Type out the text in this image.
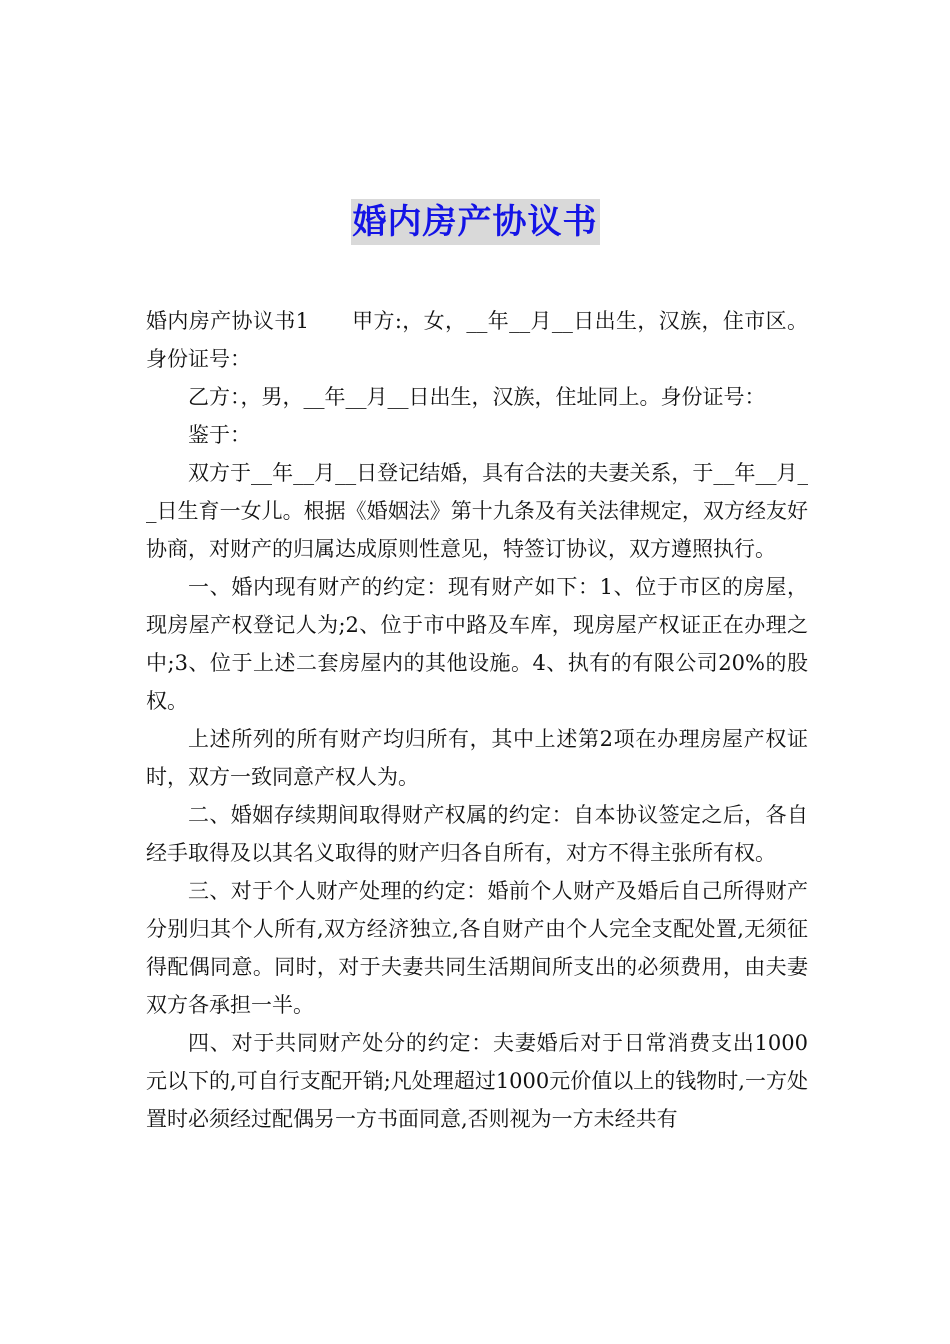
婚内房产协议书

婚内房产协议书1　　甲方:，女，__年__月__日出生，汉族，住市区。身份证号：

乙方：，男，__年__月__日出生，汉族，住址同上。身份证号：

鉴于：

双方于__年__月__日登记结婚，具有合法的夫妻关系，于__年__月__日生育一女儿。根据《婚姻法》第十九条及有关法律规定，双方经友好协商，对财产的归属达成原则性意见，特签订协议，双方遵照执行。

一、婚内现有财产的约定：现有财产如下：1、位于市区的房屋，现房屋产权登记人为;2、位于市中路及车库，现房屋产权证正在办理之中;3、位于上述二套房屋内的其他设施。4、执有的有限公司20%的股权。

上述所列的所有财产均归所有，其中上述第2项在办理房屋产权证时，双方一致同意产权人为。

二、婚姻存续期间取得财产权属的约定：自本协议签定之后，各自经手取得及以其名义取得的财产归各自所有，对方不得主张所有权。

三、对于个人财产处理的约定：婚前个人财产及婚后自己所得财产分别归其个人所有,双方经济独立,各自财产由个人完全支配处置,无须征得配偶同意。同时，对于夫妻共同生活期间所支出的必须费用，由夫妻双方各承担一半。

四、对于共同财产处分的约定：夫妻婚后对于日常消费支出1000元以下的,可自行支配开销;凡处理超过1000元价值以上的钱物时,一方处置时必须经过配偶另一方书面同意,否则视为一方未经共有
